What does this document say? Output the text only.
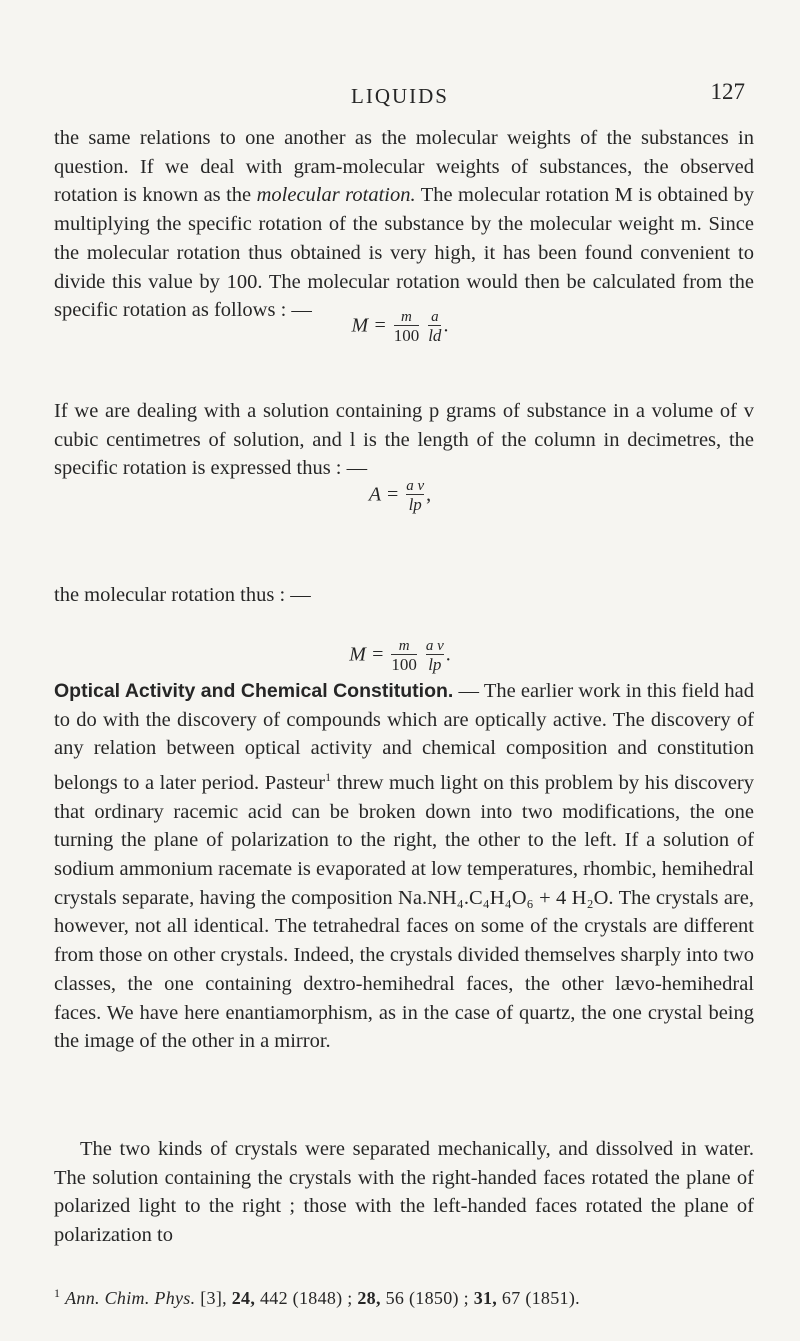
LIQUIDS	127

the same relations to one another as the molecular weights of the substances in question. If we deal with gram-molecular weights of substances, the observed rotation is known as the molecular rotation. The molecular rotation M is obtained by multiplying the specific rotation of the substance by the molecular weight m. Since the molecular rotation thus obtained is very high, it has been found convenient to divide this value by 100. The molecular rotation would then be calculated from the specific rotation as follows : —

$M = \frac{m}{100}$
$\frac{a}{ld}$ .

If we are dealing with a solution containing p grams of substance in a volume of v cubic centimetres of solution, and l is the length of the column in decimetres, the specific rotation is expressed thus : —

$A = \frac{\text{a v}}{lp}$ ,

the molecular rotation thus : —

$M = \frac{m}{100}$
$\frac{\text{a v}}{lp}$ .

Optical Activity and Chemical Constitution. — The earlier work in this field had to do with the discovery of compounds which are optically active. The discovery of any relation between optical activity and chemical composition and constitution belongs to a later period. Pasteur$^1$ threw much light on this problem by his discovery that ordinary racemic acid can be broken down into two modifications, the one turning the plane of polarization to the right, the other to the left. If a solution of sodium ammonium racemate is evaporated at low temperatures, rhombic, hemihedral crystals separate, having the composition Na.NH₄.C₄H₄O₆ + 4 H₂O. The crystals are, however, not all identical. The tetrahedral faces on some of the crystals are different from those on other crystals. Indeed, the crystals divided themselves sharply into two classes, the one containing dextro-hemihedral faces, the other lævo-hemihedral faces. We have here enantiamorphism, as in the case of quartz, the one crystal being the image of the other in a mirror.

The two kinds of crystals were separated mechanically, and dissolved in water. The solution containing the crystals with the right-handed faces rotated the plane of polarized light to the right ; those with the left-handed faces rotated the plane of polarization to

$^1$ Ann. Chim. Phys. [3], 24, 442 (1848) ; 28, 56 (1850) ; 31, 67 (1851).
